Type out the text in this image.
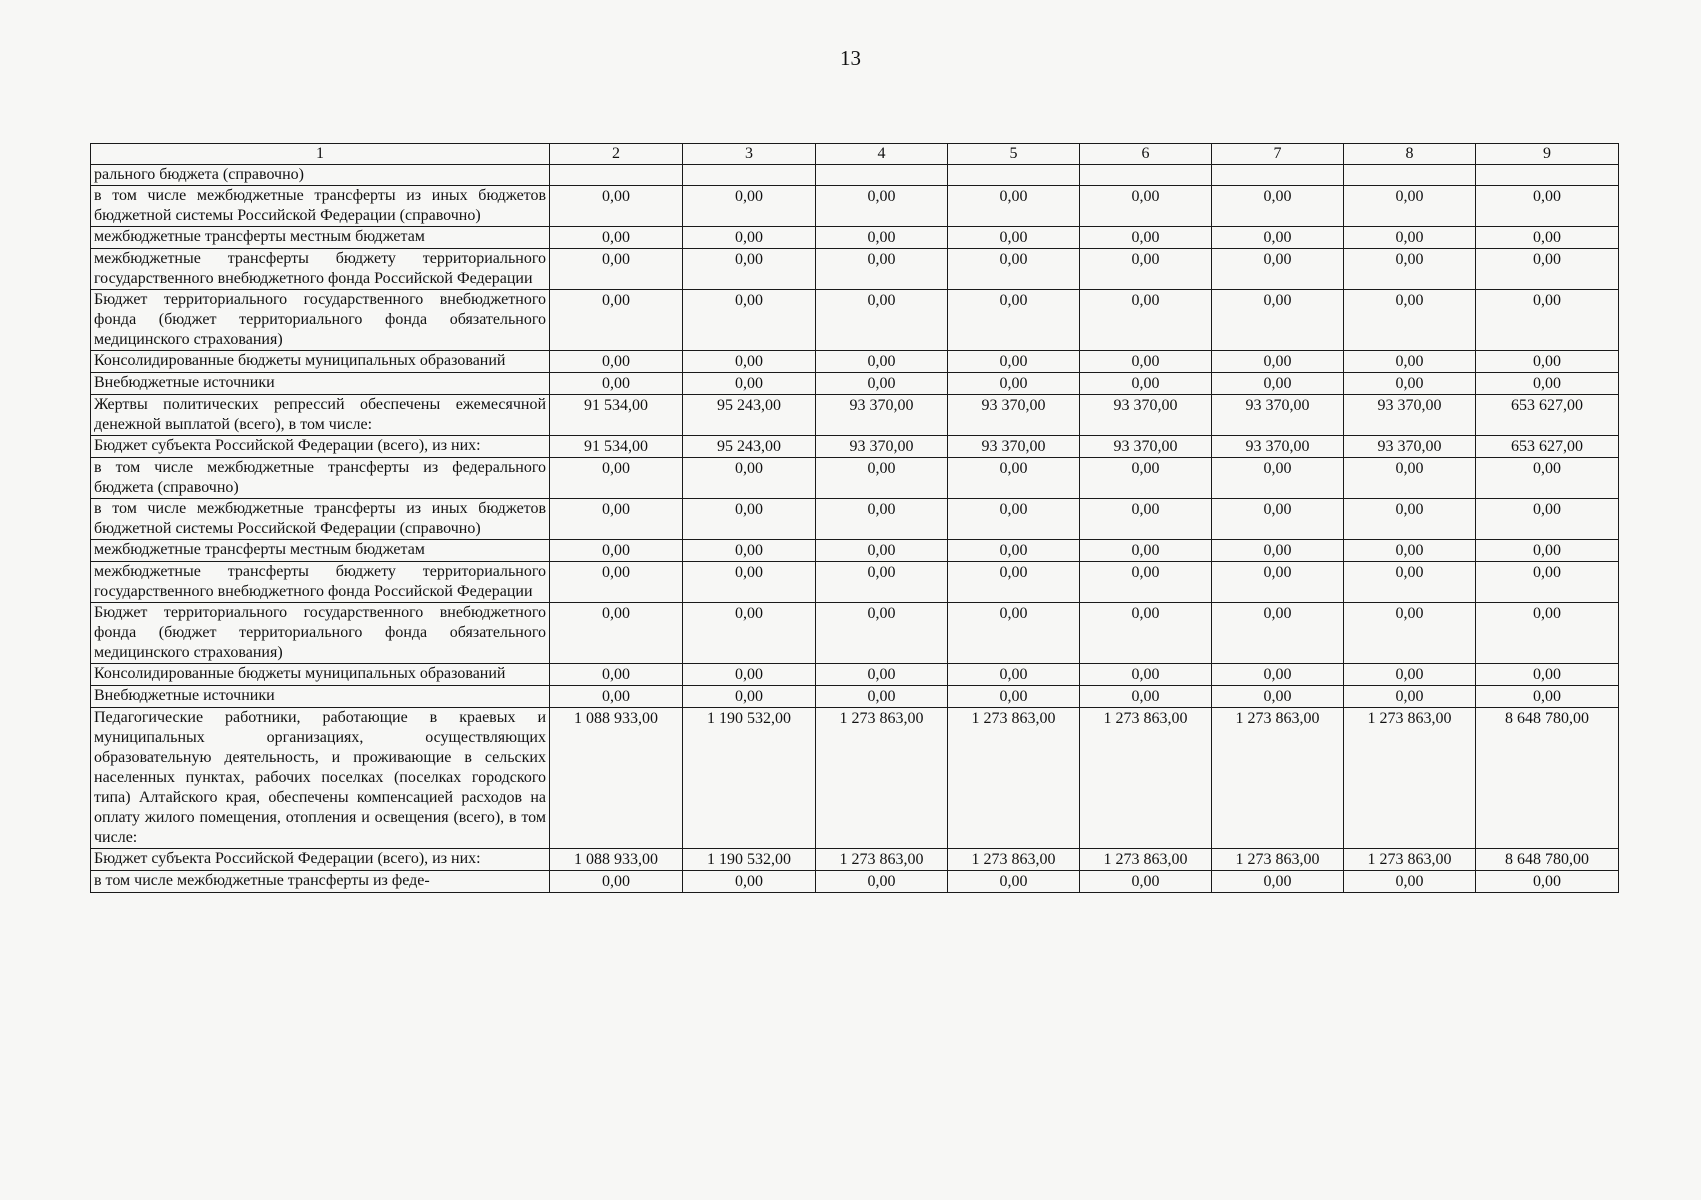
13
1	2	3	4	5	6	7	8	9
рального бюджета (справочно)								
в том числе межбюджетные трансферты из иных бюджетов бюджетной системы Российской Федерации (справочно)	0,00	0,00	0,00	0,00	0,00	0,00	0,00	0,00
межбюджетные трансферты местным бюджетам	0,00	0,00	0,00	0,00	0,00	0,00	0,00	0,00
межбюджетные трансферты бюджету территориального государственного внебюджетного фонда Российской Федерации	0,00	0,00	0,00	0,00	0,00	0,00	0,00	0,00
Бюджет территориального государственного внебюджетного фонда (бюджет территориального фонда обязательного медицинского страхования)	0,00	0,00	0,00	0,00	0,00	0,00	0,00	0,00
Консолидированные бюджеты муниципальных образований	0,00	0,00	0,00	0,00	0,00	0,00	0,00	0,00
Внебюджетные источники	0,00	0,00	0,00	0,00	0,00	0,00	0,00	0,00
Жертвы политических репрессий обеспечены ежемесячной денежной выплатой (всего), в том числе:	91 534,00	95 243,00	93 370,00	93 370,00	93 370,00	93 370,00	93 370,00	653 627,00
Бюджет субъекта Российской Федерации (всего), из них:	91 534,00	95 243,00	93 370,00	93 370,00	93 370,00	93 370,00	93 370,00	653 627,00
в том числе межбюджетные трансферты из федерального бюджета (справочно)	0,00	0,00	0,00	0,00	0,00	0,00	0,00	0,00
в том числе межбюджетные трансферты из иных бюджетов бюджетной системы Российской Федерации (справочно)	0,00	0,00	0,00	0,00	0,00	0,00	0,00	0,00
межбюджетные трансферты местным бюджетам	0,00	0,00	0,00	0,00	0,00	0,00	0,00	0,00
межбюджетные трансферты бюджету территориального государственного внебюджетного фонда Российской Федерации	0,00	0,00	0,00	0,00	0,00	0,00	0,00	0,00
Бюджет территориального государственного внебюджетного фонда (бюджет территориального фонда обязательного медицинского страхования)	0,00	0,00	0,00	0,00	0,00	0,00	0,00	0,00
Консолидированные бюджеты муниципальных образований	0,00	0,00	0,00	0,00	0,00	0,00	0,00	0,00
Внебюджетные источники	0,00	0,00	0,00	0,00	0,00	0,00	0,00	0,00
Педагогические работники, работающие в краевых и муниципальных организациях, осуществляющих образовательную деятельность, и проживающие в сельских населенных пунктах, рабочих поселках (поселках городского типа) Алтайского края, обеспечены компенсацией расходов на оплату жилого помещения, отопления и освещения (всего), в том числе:	1 088 933,00	1 190 532,00	1 273 863,00	1 273 863,00	1 273 863,00	1 273 863,00	1 273 863,00	8 648 780,00
Бюджет субъекта Российской Федерации (всего), из них:	1 088 933,00	1 190 532,00	1 273 863,00	1 273 863,00	1 273 863,00	1 273 863,00	1 273 863,00	8 648 780,00
в том числе межбюджетные трансферты из феде-	0,00	0,00	0,00	0,00	0,00	0,00	0,00	0,00
